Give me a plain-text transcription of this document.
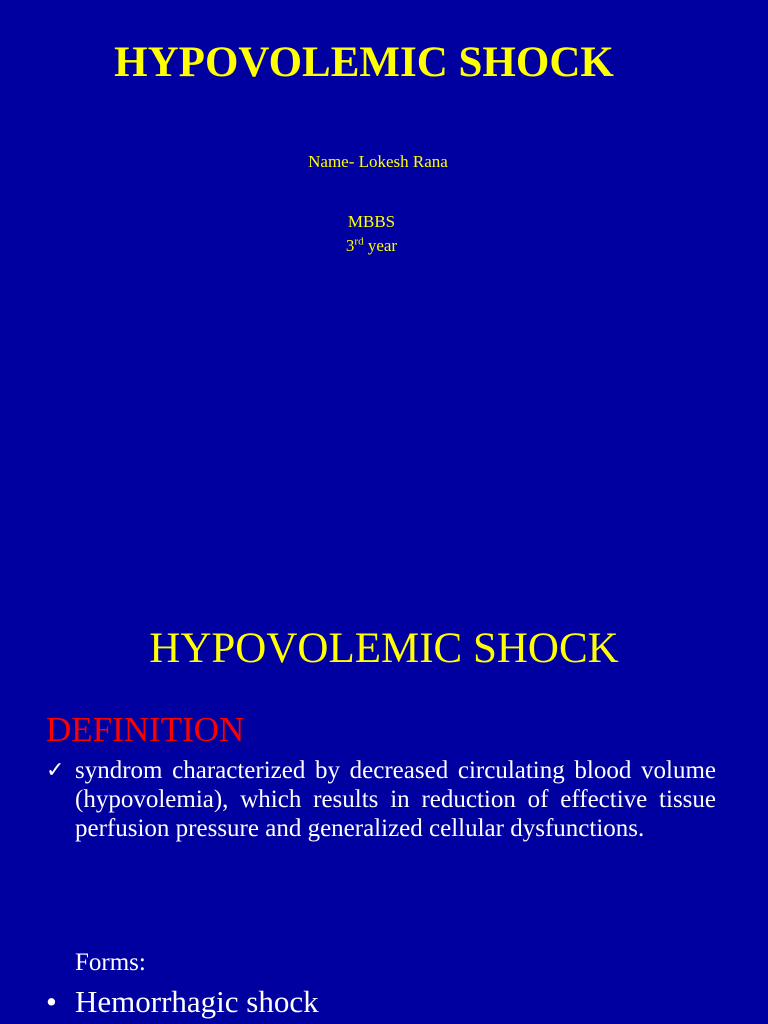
HYPOVOLEMIC SHOCK
Name- Lokesh Rana
MBBS
3rd year
HYPOVOLEMIC SHOCK
DEFINITION
✓ syndrom characterized by decreased circulating blood volume (hypovolemia), which results in reduction of effective tissue perfusion pressure and generalized cellular dysfunctions.
Forms:
• Hemorrhagic shock
